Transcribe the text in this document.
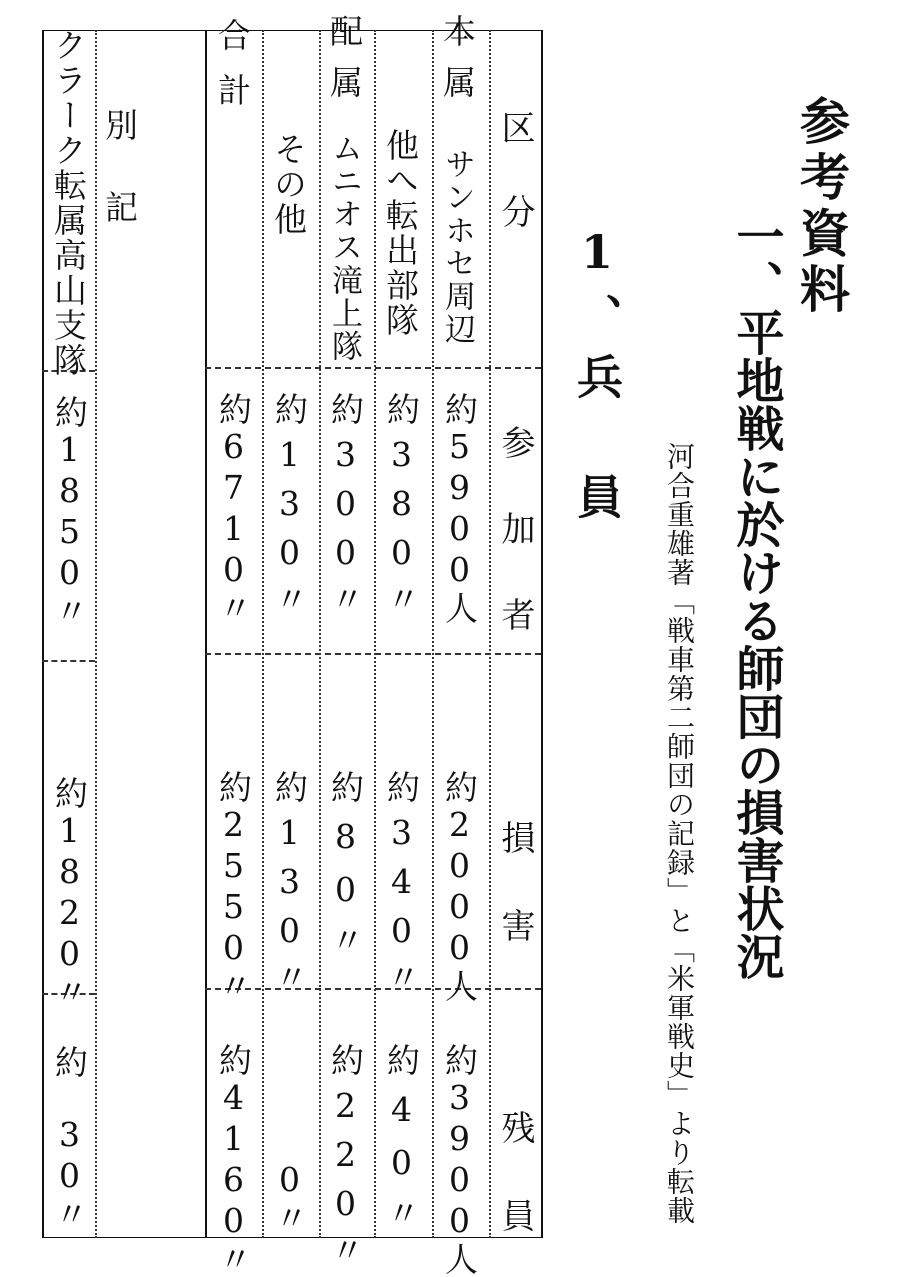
参考資料
一、平地戦に於ける師団の損害状況
河合重雄著「戦車第二師団の記録」と「米軍戦史」より転載
1、兵　員
区　分
参 加 者
損　害
残　員
本属
サンホセ周辺
約5900人
約2000人
約3900人
他へ転出部隊
約380〃
約340〃
約40〃
配属
ムニオス滝上隊
約300〃
約80〃
約220〃
その他
約130〃
約130〃
0〃
合計
約6710〃
約2550〃
約4160〃
別　記
クラーク転属高山支隊
約1850〃
約1820〃
約　30〃
